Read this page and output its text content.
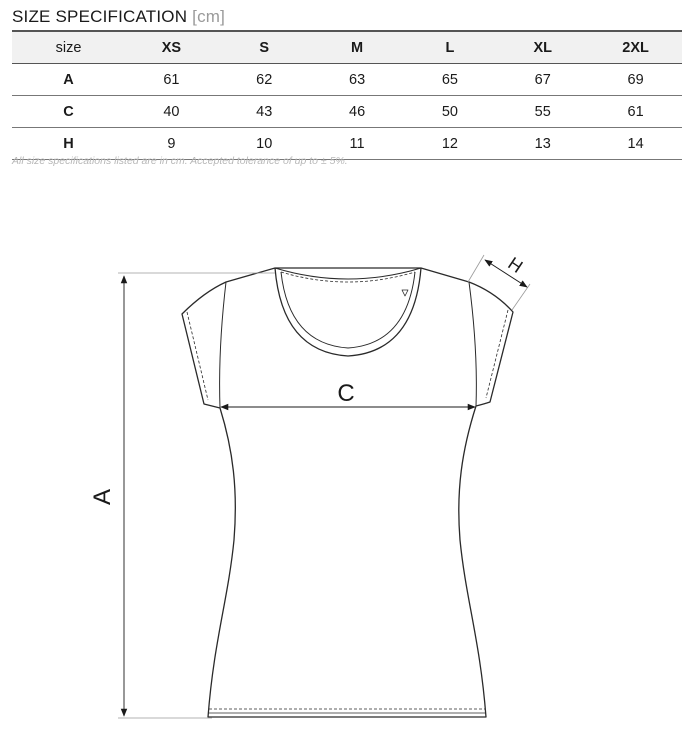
SIZE SPECIFICATION [cm]
size	XS	S	M	L	XL	2XL
A	61	62	63	65	67	69
C	40	43	46	50	55	61
H	9	10	11	12	13	14
All size specifications listed are in cm. Accepted tolerance of up to ± 5%.
A
C
H
